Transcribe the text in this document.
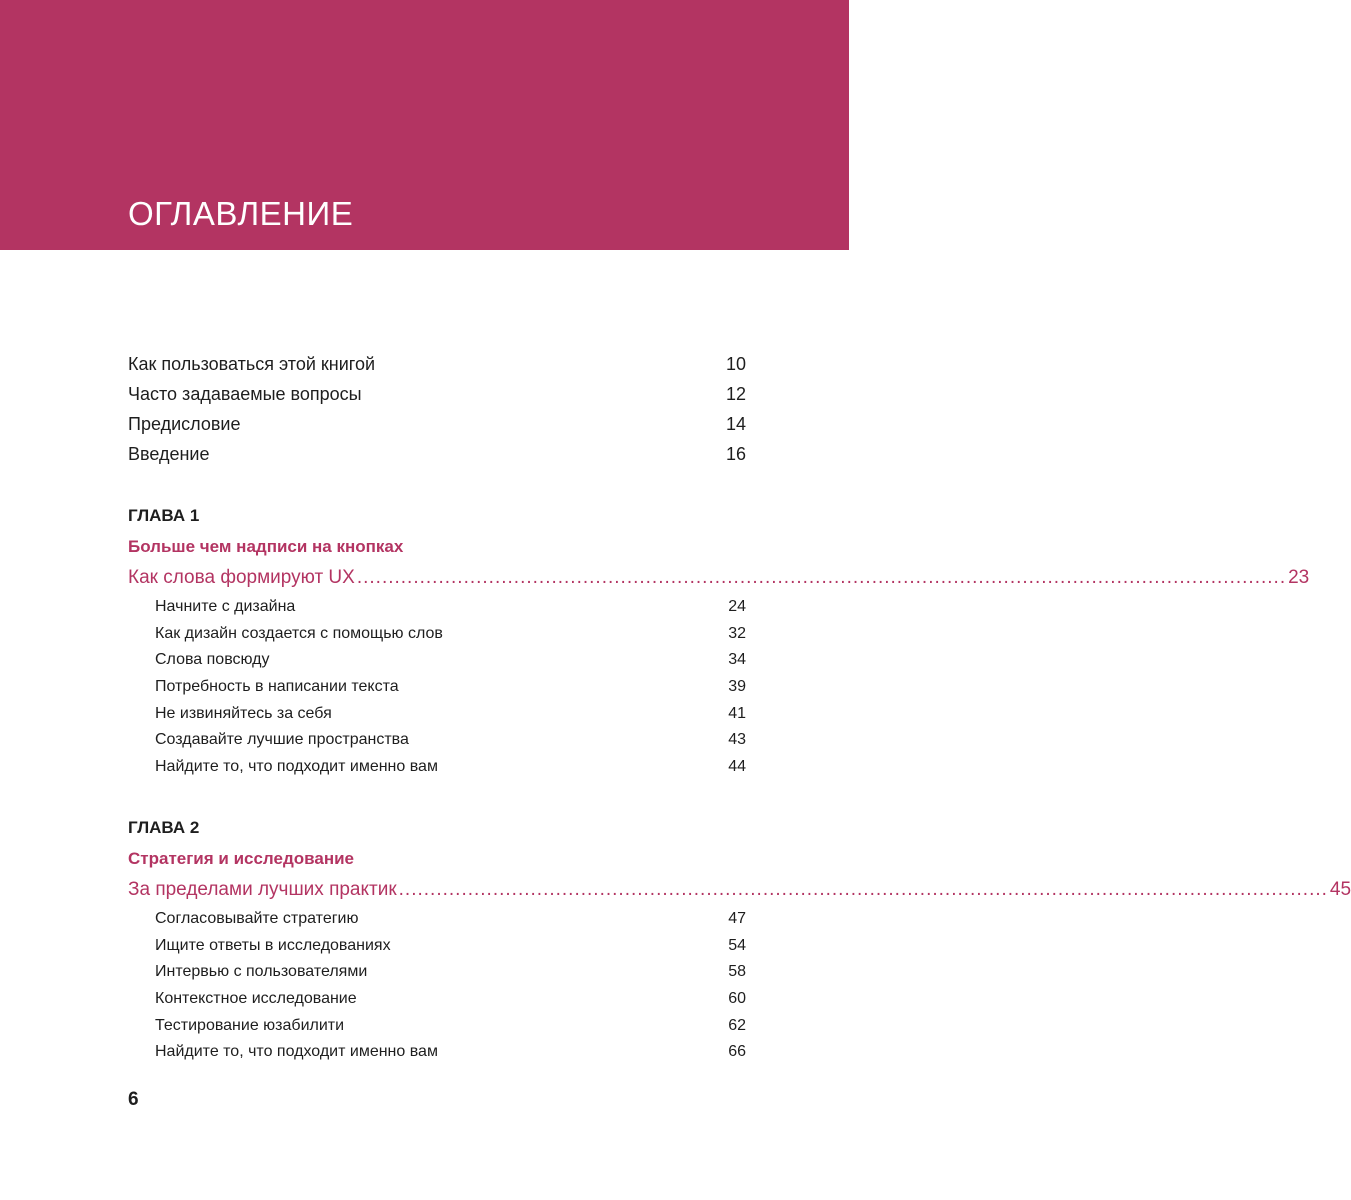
ОГЛАВЛЕНИЕ
Как пользоваться этой книгой	10
Часто задаваемые вопросы	12
Предисловие	14
Введение	16
ГЛАВА 1
Больше чем надписи на кнопках
Как слова формируют UX .................................................................................................................................................... 23
Начните с дизайна	24
Как дизайн создается с помощью слов	32
Слова повсюду	34
Потребность в написании текста	39
Не извиняйтесь за себя	41
Создавайте лучшие пространства	43
Найдите то, что подходит именно вам	44
ГЛАВА 2
Стратегия и исследование
За пределами лучших практик .................................................................................................................................................... 45
Согласовывайте стратегию	47
Ищите ответы в исследованиях	54
Интервью с пользователями	58
Контекстное исследование	60
Тестирование юзабилити	62
Найдите то, что подходит именно вам	66
6
